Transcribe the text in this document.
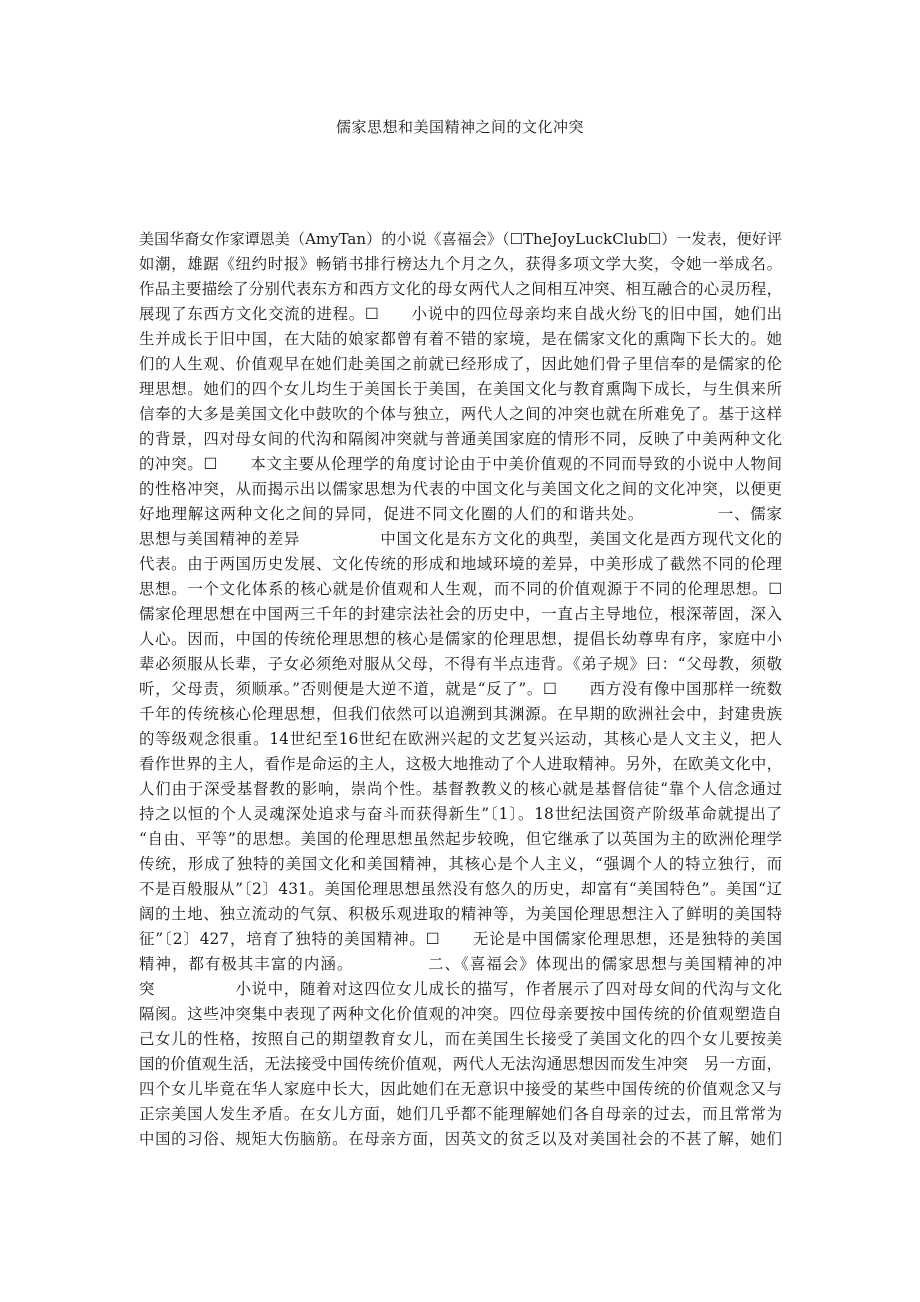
儒家思想和美国精神之间的文化冲突
美国华裔女作家谭恩美（AmyTan）的小说《喜福会》（☐TheJoyLuckClub☐）一发表，便好评
如潮，雄踞《纽约时报》畅销书排行榜达九个月之久，获得多项文学大奖，令她一举成名。
作品主要描绘了分别代表东方和西方文化的母女两代人之间相互冲突、相互融合的心灵历程，
展现了东西方文化交流的进程。☐　　小说中的四位母亲均来自战火纷飞的旧中国，她们出
生并成长于旧中国，在大陆的娘家都曾有着不错的家境，是在儒家文化的熏陶下长大的。她
们的人生观、价值观早在她们赴美国之前就已经形成了，因此她们骨子里信奉的是儒家的伦
理思想。她们的四个女儿均生于美国长于美国，在美国文化与教育熏陶下成长，与生俱来所
信奉的大多是美国文化中鼓吹的个体与独立，两代人之间的冲突也就在所难免了。基于这样
的背景，四对母女间的代沟和隔阂冲突就与普通美国家庭的情形不同，反映了中美两种文化
的冲突。☐　　本文主要从伦理学的角度讨论由于中美价值观的不同而导致的小说中人物间
的性格冲突，从而揭示出以儒家思想为代表的中国文化与美国文化之间的文化冲突，以便更
好地理解这两种文化之间的异同，促进不同文化圈的人们的和谐共处。　　　　　一、儒家
思想与美国精神的差异　　　　　中国文化是东方文化的典型，美国文化是西方现代文化的
代表。由于两国历史发展、文化传统的形成和地域环境的差异，中美形成了截然不同的伦理
思想。一个文化体系的核心就是价值观和人生观，而不同的价值观源于不同的伦理思想。☐
儒家伦理思想在中国两三千年的封建宗法社会的历史中，一直占主导地位，根深蒂固，深入
人心。因而，中国的传统伦理思想的核心是儒家的伦理思想，提倡长幼尊卑有序，家庭中小
辈必须服从长辈，子女必须绝对服从父母，不得有半点违背。《弟子规》曰：“父母教，须敬
听，父母责，须顺承。”否则便是大逆不道，就是“反了”。☐　　西方没有像中国那样一统数
千年的传统核心伦理思想，但我们依然可以追溯到其渊源。在早期的欧洲社会中，封建贵族
的等级观念很重。14世纪至16世纪在欧洲兴起的文艺复兴运动，其核心是人文主义，把人
看作世界的主人，看作是命运的主人，这极大地推动了个人进取精神。另外，在欧美文化中，
人们由于深受基督教的影响，崇尚个性。基督教教义的核心就是基督信徒“靠个人信念通过
持之以恒的个人灵魂深处追求与奋斗而获得新生”〔1〕。18世纪法国资产阶级革命就提出了
“自由、平等”的思想。美国的伦理思想虽然起步较晚，但它继承了以英国为主的欧洲伦理学
传统，形成了独特的美国文化和美国精神，其核心是个人主义，“强调个人的特立独行，而
不是百般服从”〔2〕431。美国伦理思想虽然没有悠久的历史，却富有“美国特色”。美国“辽
阔的土地、独立流动的气氛、积极乐观进取的精神等，为美国伦理思想注入了鲜明的美国特
征”〔2〕427，培育了独特的美国精神。☐　　无论是中国儒家伦理思想，还是独特的美国
精神，都有极其丰富的内涵。　　　　　二、《喜福会》体现出的儒家思想与美国精神的冲
突　　　　　小说中，随着对这四位女儿成长的描写，作者展示了四对母女间的代沟与文化
隔阂。这些冲突集中表现了两种文化价值观的冲突。四位母亲要按中国传统的价值观塑造自
己女儿的性格，按照自己的期望教育女儿，而在美国生长接受了美国文化的四个女儿要按美
国的价值观生活，无法接受中国传统价值观，两代人无法沟通思想因而发生冲突　另一方面，
四个女儿毕竟在华人家庭中长大，因此她们在无意识中接受的某些中国传统的价值观念又与
正宗美国人发生矛盾。在女儿方面，她们几乎都不能理解她们各自母亲的过去，而且常常为
中国的习俗、规矩大伤脑筋。在母亲方面，因英文的贫乏以及对美国社会的不甚了解，她们
